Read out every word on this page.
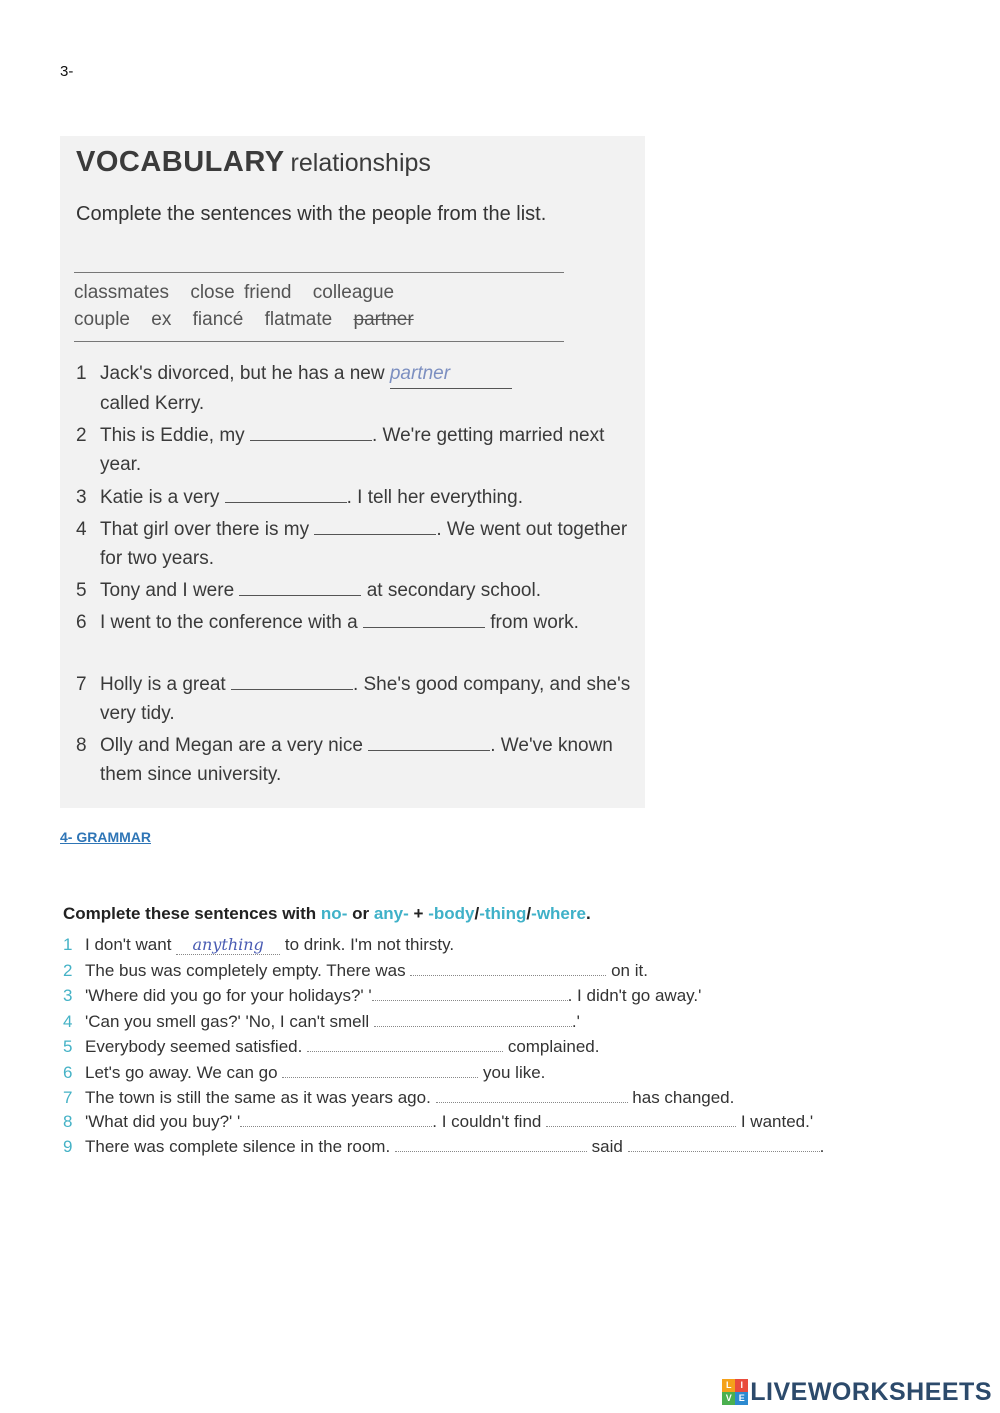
3-
VOCABULARY relationships
Complete the sentences with the people from the list.
classmates close friend colleague
couple ex fiancé flatmate partner
1 Jack's divorced, but he has a new partner
called Kerry.
2 This is Eddie, my	. We're getting married next year.
3 Katie is a very	. I tell her everything.
4 That girl over there is my	. We went out together for two years.
5 Tony and I were	at secondary school.
6 I went to the conference with a	from work.
7 Holly is a great	. She's good company, and she's very tidy.
8 Olly and Megan are a very nice	. We've known them since university.
4- GRAMMAR
Complete these sentences with no- or any- + -body/-thing/-where.
1 I don't want anything to drink. I'm not thirsty.
2 The bus was completely empty. There was	on it.
3 'Where did you go for your holidays?' '	. I didn't go away.'
4 'Can you smell gas?' 'No, I can't smell	.'
5 Everybody seemed satisfied.	complained.
6 Let's go away. We can go	you like.
7 The town is still the same as it was years ago.	has changed.
8 'What did you buy?' '	. I couldn't find	I wanted.'
9 There was complete silence in the room.	said	.
L I
V E LIVEWORKSHEETS
